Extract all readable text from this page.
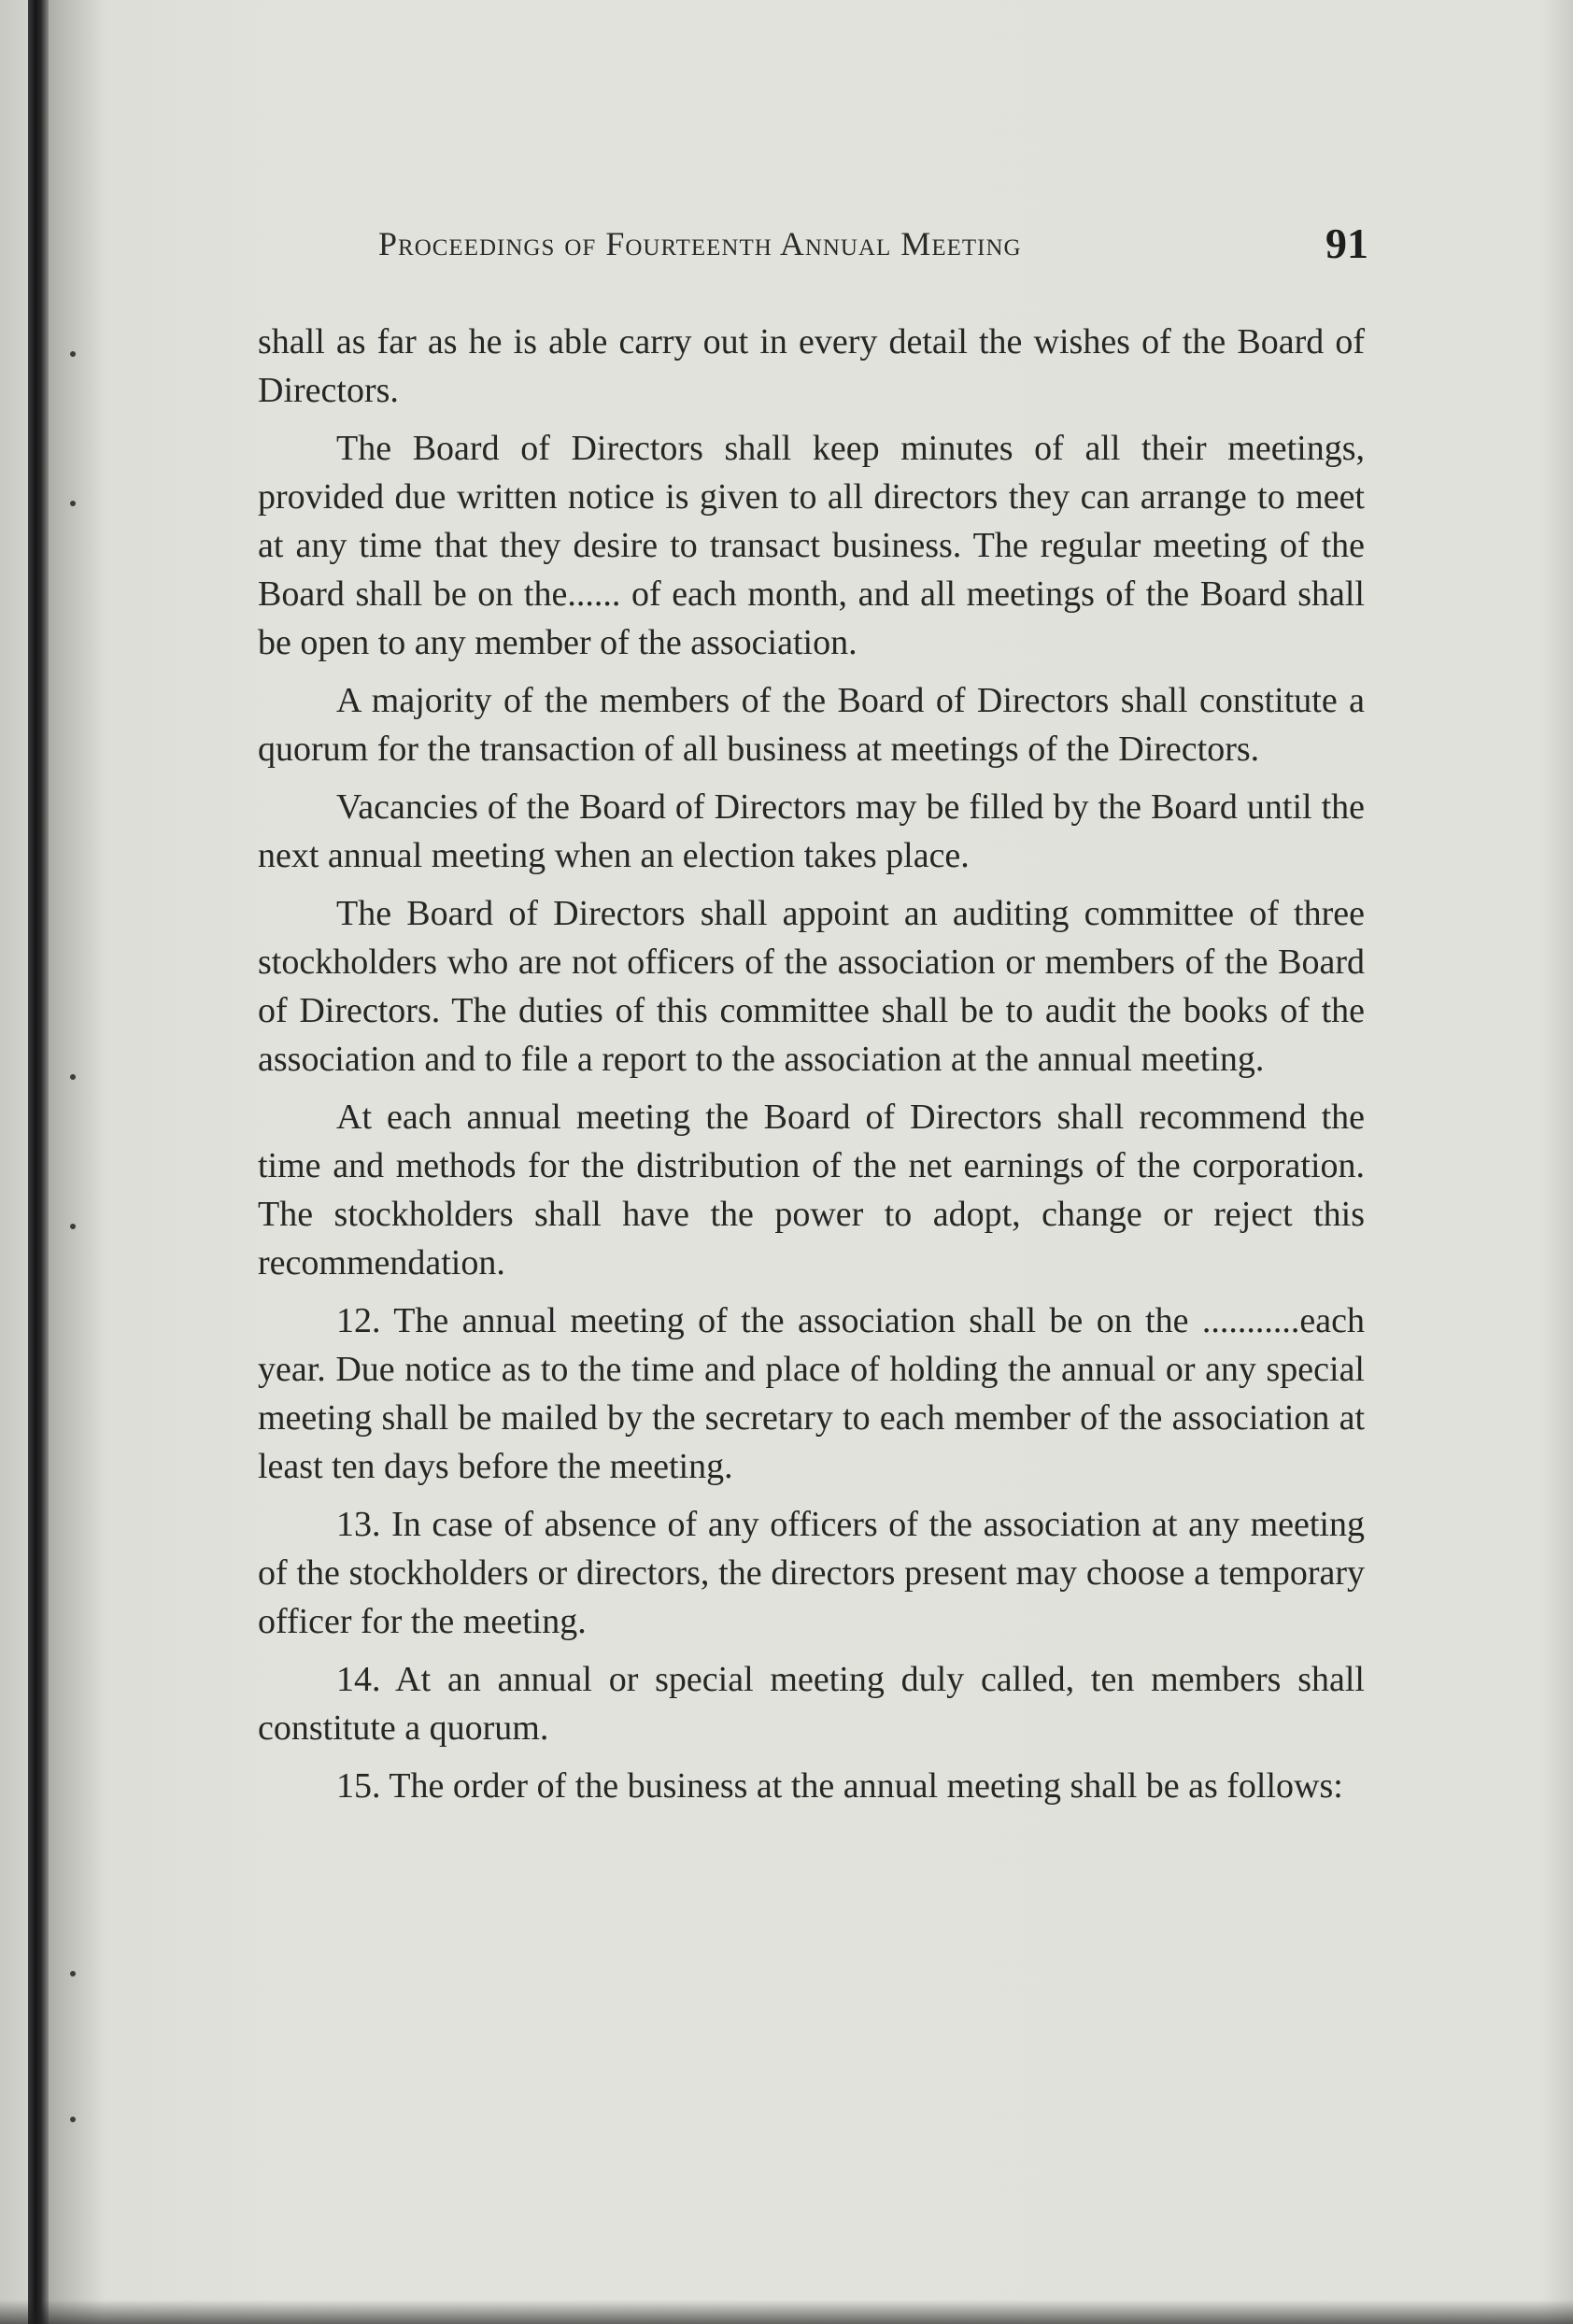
Proceedings of Fourteenth Annual Meeting	91

shall as far as he is able carry out in every detail the wishes of the Board of Directors.

The Board of Directors shall keep minutes of all their meetings, provided due written notice is given to all directors they can arrange to meet at any time that they desire to transact business. The regular meeting of the Board shall be on the...... of each month, and all meetings of the Board shall be open to any member of the association.

A majority of the members of the Board of Directors shall constitute a quorum for the transaction of all business at meetings of the Directors.

Vacancies of the Board of Directors may be filled by the Board until the next annual meeting when an election takes place.

The Board of Directors shall appoint an auditing committee of three stockholders who are not officers of the association or members of the Board of Directors. The duties of this committee shall be to audit the books of the association and to file a report to the association at the annual meeting.

At each annual meeting the Board of Directors shall recommend the time and methods for the distribution of the net earnings of the corporation. The stockholders shall have the power to adopt, change or reject this recommendation.

12. The annual meeting of the association shall be on the ...........each year. Due notice as to the time and place of holding the annual or any special meeting shall be mailed by the secretary to each member of the association at least ten days before the meeting.

13. In case of absence of any officers of the association at any meeting of the stockholders or directors, the directors present may choose a temporary officer for the meeting.

14. At an annual or special meeting duly called, ten members shall constitute a quorum.

15. The order of the business at the annual meeting shall be as follows:
